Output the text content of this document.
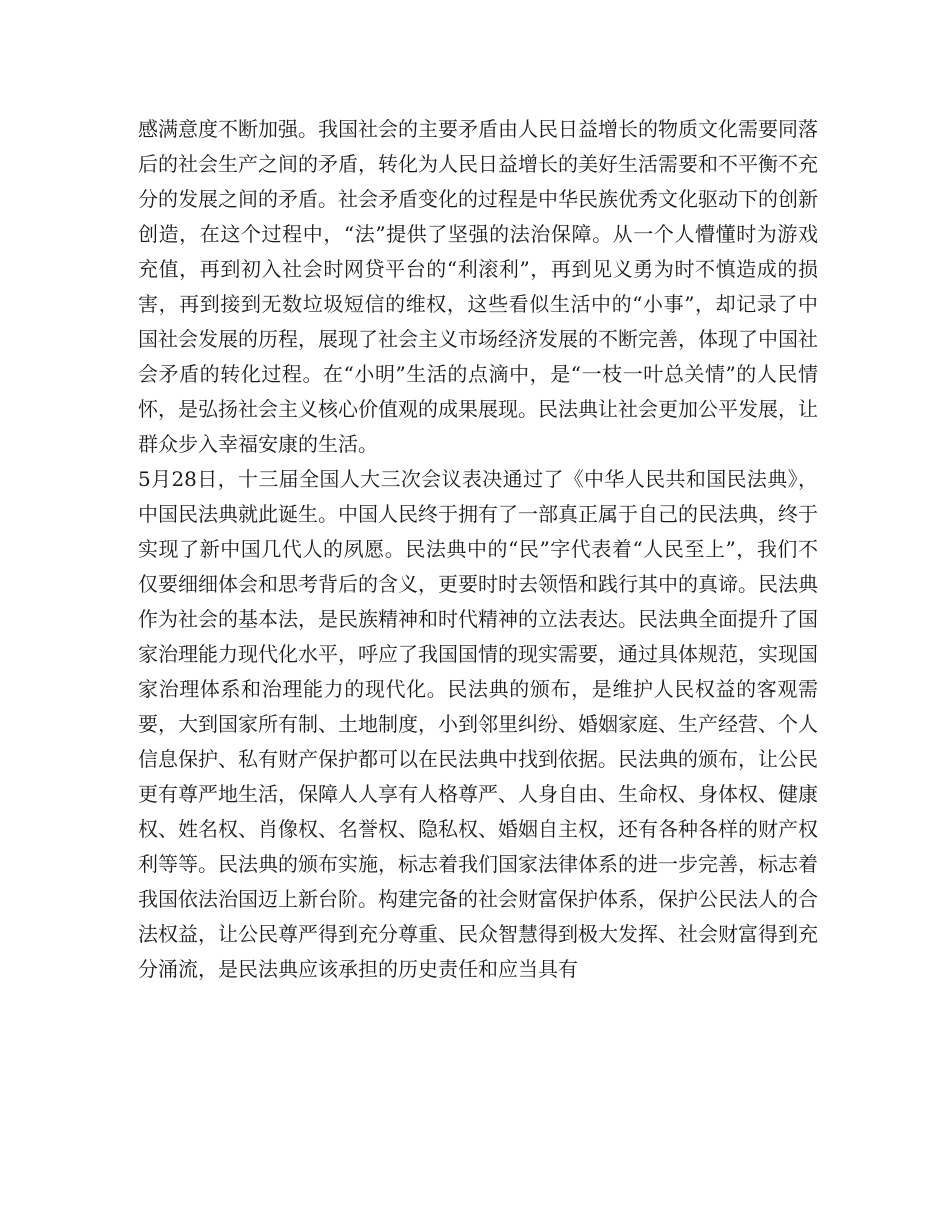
感满意度不断加强。我国社会的主要矛盾由人民日益增长的物质文化需要同落后的社会生产之间的矛盾，转化为人民日益增长的美好生活需要和不平衡不充分的发展之间的矛盾。社会矛盾变化的过程是中华民族优秀文化驱动下的创新创造，在这个过程中，“法”提供了坚强的法治保障。从一个人懵懂时为游戏充值，再到初入社会时网贷平台的“利滚利”，再到见义勇为时不慎造成的损害，再到接到无数垃圾短信的维权，这些看似生活中的“小事”，却记录了中国社会发展的历程，展现了社会主义市场经济发展的不断完善，体现了中国社会矛盾的转化过程。在“小明”生活的点滴中，是“一枝一叶总关情”的人民情怀，是弘扬社会主义核心价值观的成果展现。民法典让社会更加公平发展，让群众步入幸福安康的生活。

5月28日，十三届全国人大三次会议表决通过了《中华人民共和国民法典》，中国民法典就此诞生。中国人民终于拥有了一部真正属于自己的民法典，终于实现了新中国几代人的夙愿。民法典中的“民”字代表着“人民至上”，我们不仅要细细体会和思考背后的含义，更要时时去领悟和践行其中的真谛。民法典作为社会的基本法，是民族精神和时代精神的立法表达。民法典全面提升了国家治理能力现代化水平，呼应了我国国情的现实需要，通过具体规范，实现国家治理体系和治理能力的现代化。民法典的颁布，是维护人民权益的客观需要，大到国家所有制、土地制度，小到邻里纠纷、婚姻家庭、生产经营、个人信息保护、私有财产保护都可以在民法典中找到依据。民法典的颁布，让公民更有尊严地生活，保障人人享有人格尊严、人身自由、生命权、身体权、健康权、姓名权、肖像权、名誉权、隐私权、婚姻自主权，还有各种各样的财产权利等等。民法典的颁布实施，标志着我们国家法律体系的进一步完善，标志着我国依法治国迈上新台阶。构建完备的社会财富保护体系，保护公民法人的合法权益，让公民尊严得到充分尊重、民众智慧得到极大发挥、社会财富得到充分涌流，是民法典应该承担的历史责任和应当具有
